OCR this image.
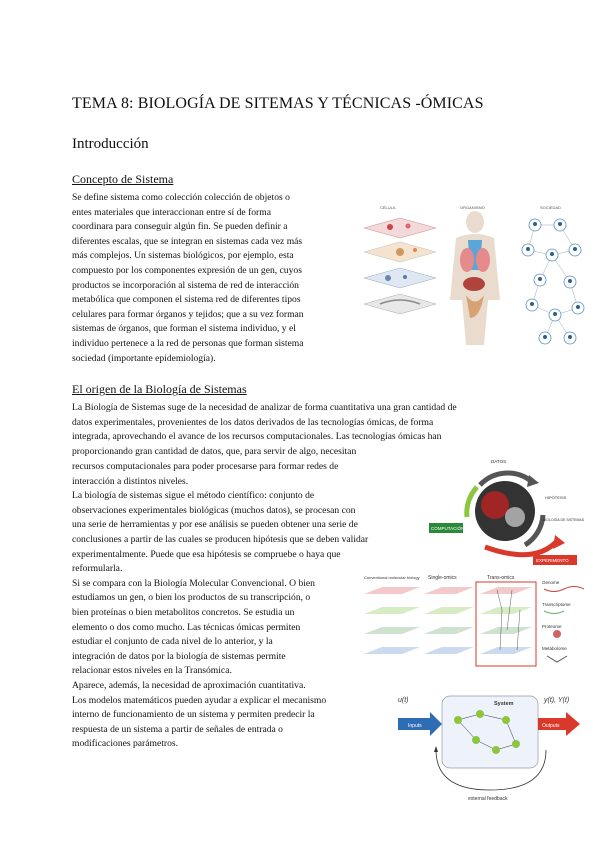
TEMA 8: BIOLOGÍA DE SITEMAS Y TÉCNICAS -ÓMICAS
Introducción
Concepto de Sistema
Se define sistema como colección colección de objetos o
entes materiales que interaccionan entre sí de forma
coordinara para conseguir algún fin. Se pueden definir a
diferentes escalas, que se integran en sistemas cada vez más
más complejos. Un sistemas biológicos, por ejemplo, esta
compuesto por los componentes expresión de un gen, cuyos
productos se incorporación al sistema de red de interacción
metabólica que componen el sistema red de diferentes tipos
celulares para formar órganos y tejidos; que a su vez forman
sistemas de órganos, que forman el sistema individuo, y el
individuo pertenece a la red de personas que forman sistema
sociedad (importante epidemiología).
CÉLULA	ORGANISMO	SOCIEDAD
El origen de la Biología de Sistemas
La Biología de Sistemas suge de la necesidad de analizar de forma cuantitativa una gran cantidad de
datos experimentales, provenientes de los datos derivados de las tecnologías ómicas, de forma
integrada, aprovechando el avance de los recursos computacionales. Las tecnologías ómicas han
proporcionando gran cantidad de datos, que, para servir de algo, necesitan
recursos computacionales para poder procesarse para formar redes de
interacción a distintos niveles.
La biología de sistemas sigue el método científico: conjunto de
observaciones experimentales biológicas (muchos datos), se procesan con
una serie de herramientas y por ese análisis se pueden obtener una serie de
conclusiones a partir de las cuales se producen hipótesis que se deben validar
experimentalmente. Puede que esa hipótesis se compruebe o haya que
reformularla.
Si se compara con la Biología Molecular Convencional. O bien
estudiamos un gen, o bien los productos de su transcripción, o
bien proteínas o bien metabolitos concretos. Se estudia un
elemento o dos como mucho. Las técnicas ómicas permiten
estudiar el conjunto de cada nivel de lo anterior, y la
integración de datos por la biología de sistemas permite
relacionar estos niveles en la Transómica.
Aparece, además, la necesidad de aproximación cuantitativa.
Los modelos matemáticos pueden ayudar a explicar el mecanismo
interno de funcionamiento de un sistema y permiten predecir la
respuesta de un sistema a partir de señales de entrada o
modificaciones parámetros.
COMPUTACIÓN
EXPERIMENTO
DATOS
HIPÓTESIS
BIOLOGÍA DE SISTEMAS
Conventional molecular biology Single-omics	Trans-omics
Genome
Transcriptome
Proteome
Metabolome
u(t)	y(t), Y(t)
System
Inputs	Outputs
external feedback
